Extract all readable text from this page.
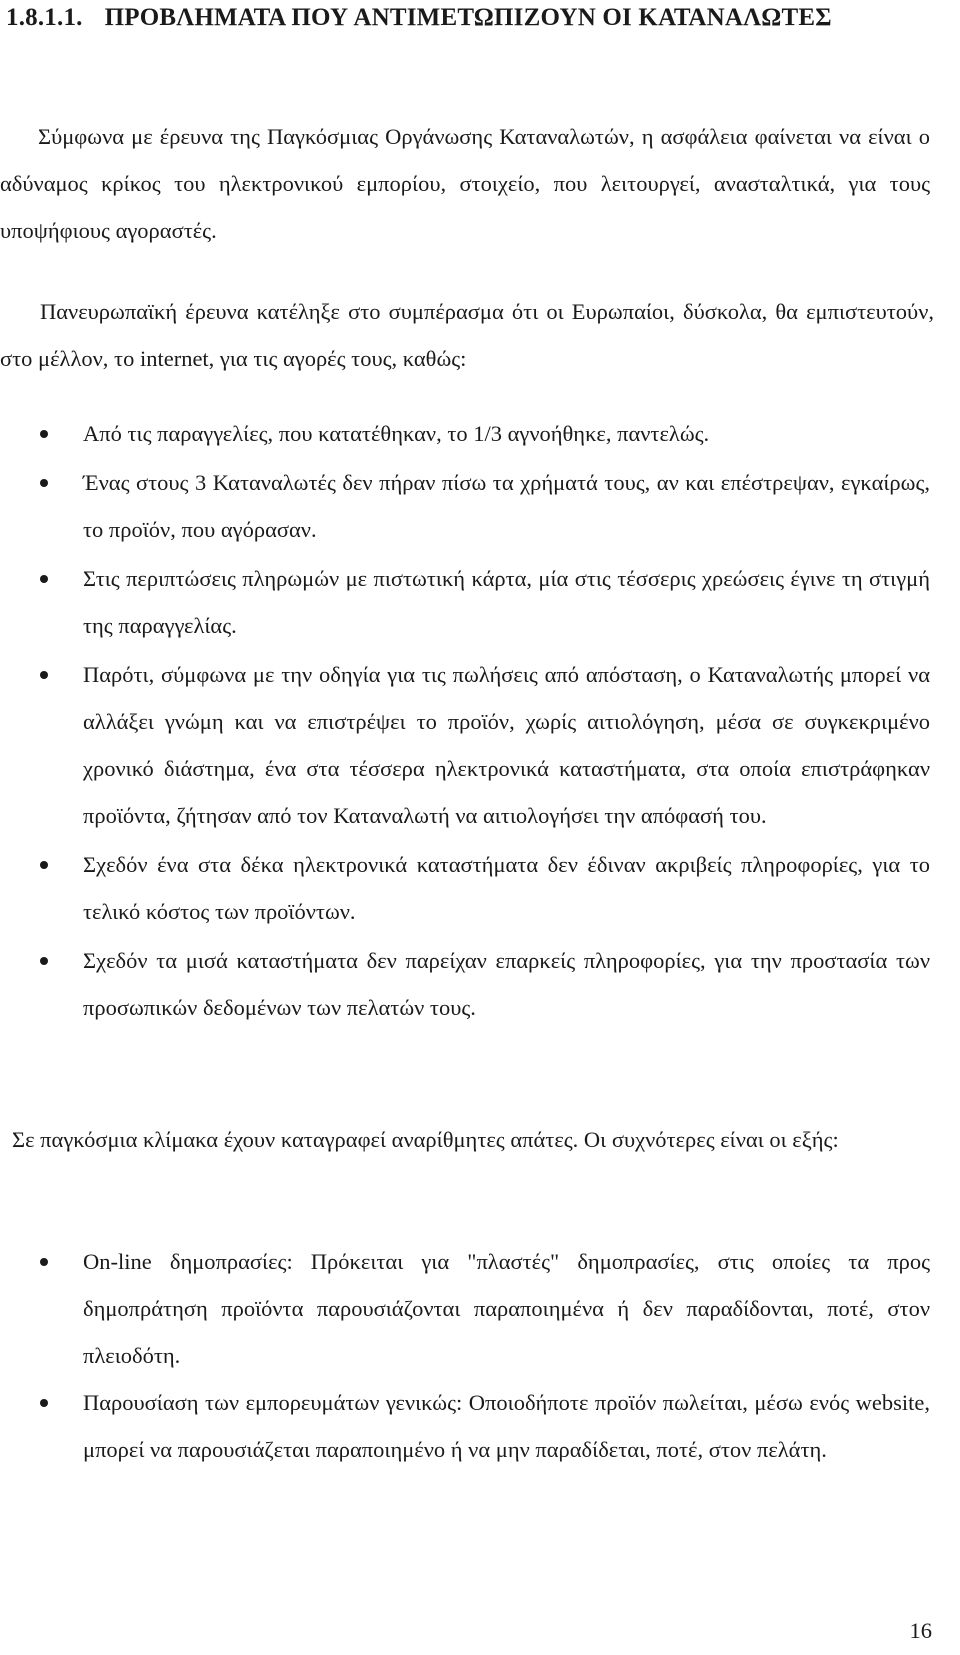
1.8.1.1. ΠΡΟΒΛΗΜΑΤΑ ΠΟΥ ΑΝΤΙΜΕΤΩΠΙΖΟΥΝ ΟΙ ΚΑΤΑΝΑΛΩΤΕΣ

Σύμφωνα με έρευνα της Παγκόσμιας Οργάνωσης Καταναλωτών, η ασφάλεια φαίνεται να είναι ο αδύναμος κρίκος του ηλεκτρονικού εμπορίου, στοιχείο, που λειτουργεί, ανασταλτικά, για τους υποψήφιους αγοραστές.

Πανευρωπαϊκή έρευνα κατέληξε στο συμπέρασμα ότι οι Ευρωπαίοι, δύσκολα, θα εμπιστευτούν, στο μέλλον, το internet, για τις αγορές τους, καθώς:

Από τις παραγγελίες, που κατατέθηκαν, το 1/3 αγνοήθηκε, παντελώς.
Ένας στους 3 Καταναλωτές δεν πήραν πίσω τα χρήματά τους, αν και επέστρεψαν, εγκαίρως, το προϊόν, που αγόρασαν.
Στις περιπτώσεις πληρωμών με πιστωτική κάρτα, μία στις τέσσερις χρεώσεις έγινε τη στιγμή της παραγγελίας.
Παρότι, σύμφωνα με την οδηγία για τις πωλήσεις από απόσταση, ο Καταναλωτής μπορεί να αλλάξει γνώμη και να επιστρέψει το προϊόν, χωρίς αιτιολόγηση, μέσα σε συγκεκριμένο χρονικό διάστημα, ένα στα τέσσερα ηλεκτρονικά καταστήματα, στα οποία επιστράφηκαν προϊόντα, ζήτησαν από τον Καταναλωτή να αιτιολογήσει την απόφασή του.
Σχεδόν ένα στα δέκα ηλεκτρονικά καταστήματα δεν έδιναν ακριβείς πληροφορίες, για το τελικό κόστος των προϊόντων.
Σχεδόν τα μισά καταστήματα δεν παρείχαν επαρκείς πληροφορίες, για την προστασία των προσωπικών δεδομένων των πελατών τους.

Σε παγκόσμια κλίμακα έχουν καταγραφεί αναρίθμητες απάτες. Οι συχνότερες είναι οι εξής:

On-line δημοπρασίες: Πρόκειται για "πλαστές" δημοπρασίες, στις οποίες τα προς δημοπράτηση προϊόντα παρουσιάζονται παραποιημένα ή δεν παραδίδονται, ποτέ, στον πλειοδότη.
Παρουσίαση των εμπορευμάτων γενικώς: Οποιοδήποτε προϊόν πωλείται, μέσω ενός website, μπορεί να παρουσιάζεται παραποιημένο ή να μην παραδίδεται, ποτέ, στον πελάτη.
16
